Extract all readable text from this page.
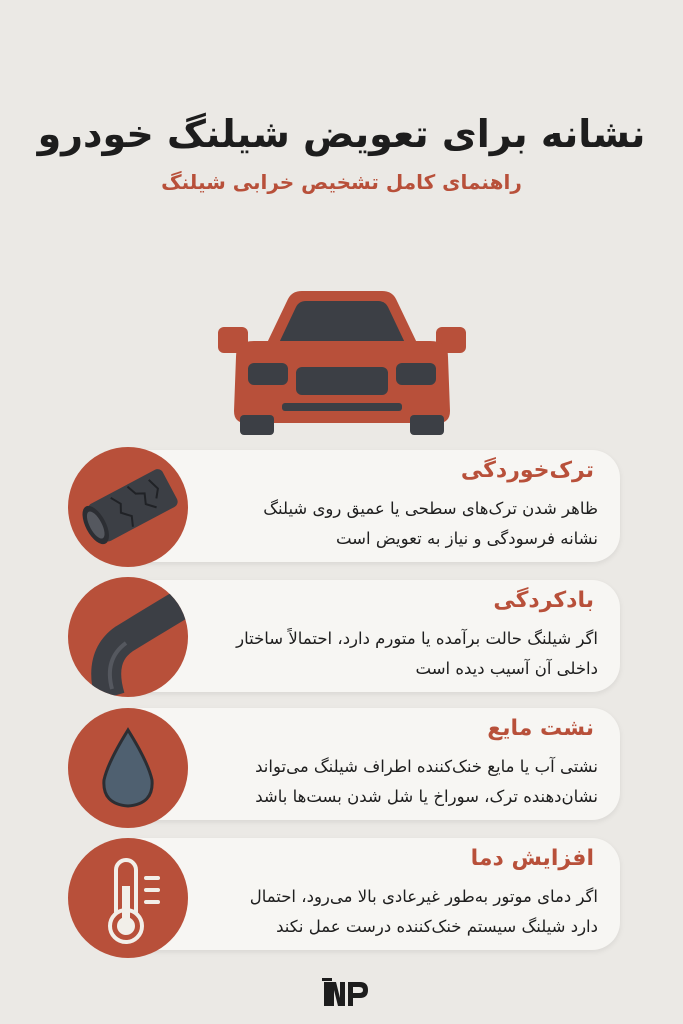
نشانه برای تعویض شیلنگ خودرو
راهنمای کامل تشخیص خرابی شیلنگ
ترک‌خوردگی
ظاهر شدن ترک‌های سطحی یا عمیق روی شیلنگ
نشانه فرسودگی و نیاز به تعویض است
بادکردگی
اگر شیلنگ حالت برآمده یا متورم دارد، احتمالاً ساختار
داخلی آن آسیب دیده است
نشت مایع
نشتی آب یا مایع خنک‌کننده اطراف شیلنگ می‌تواند
نشان‌دهنده ترک، سوراخ یا شل شدن بست‌ها باشد
افزایش دما
اگر دمای موتور به‌طور غیرعادی بالا می‌رود، احتمال
دارد شیلنگ سیستم خنک‌کننده درست عمل نکند
